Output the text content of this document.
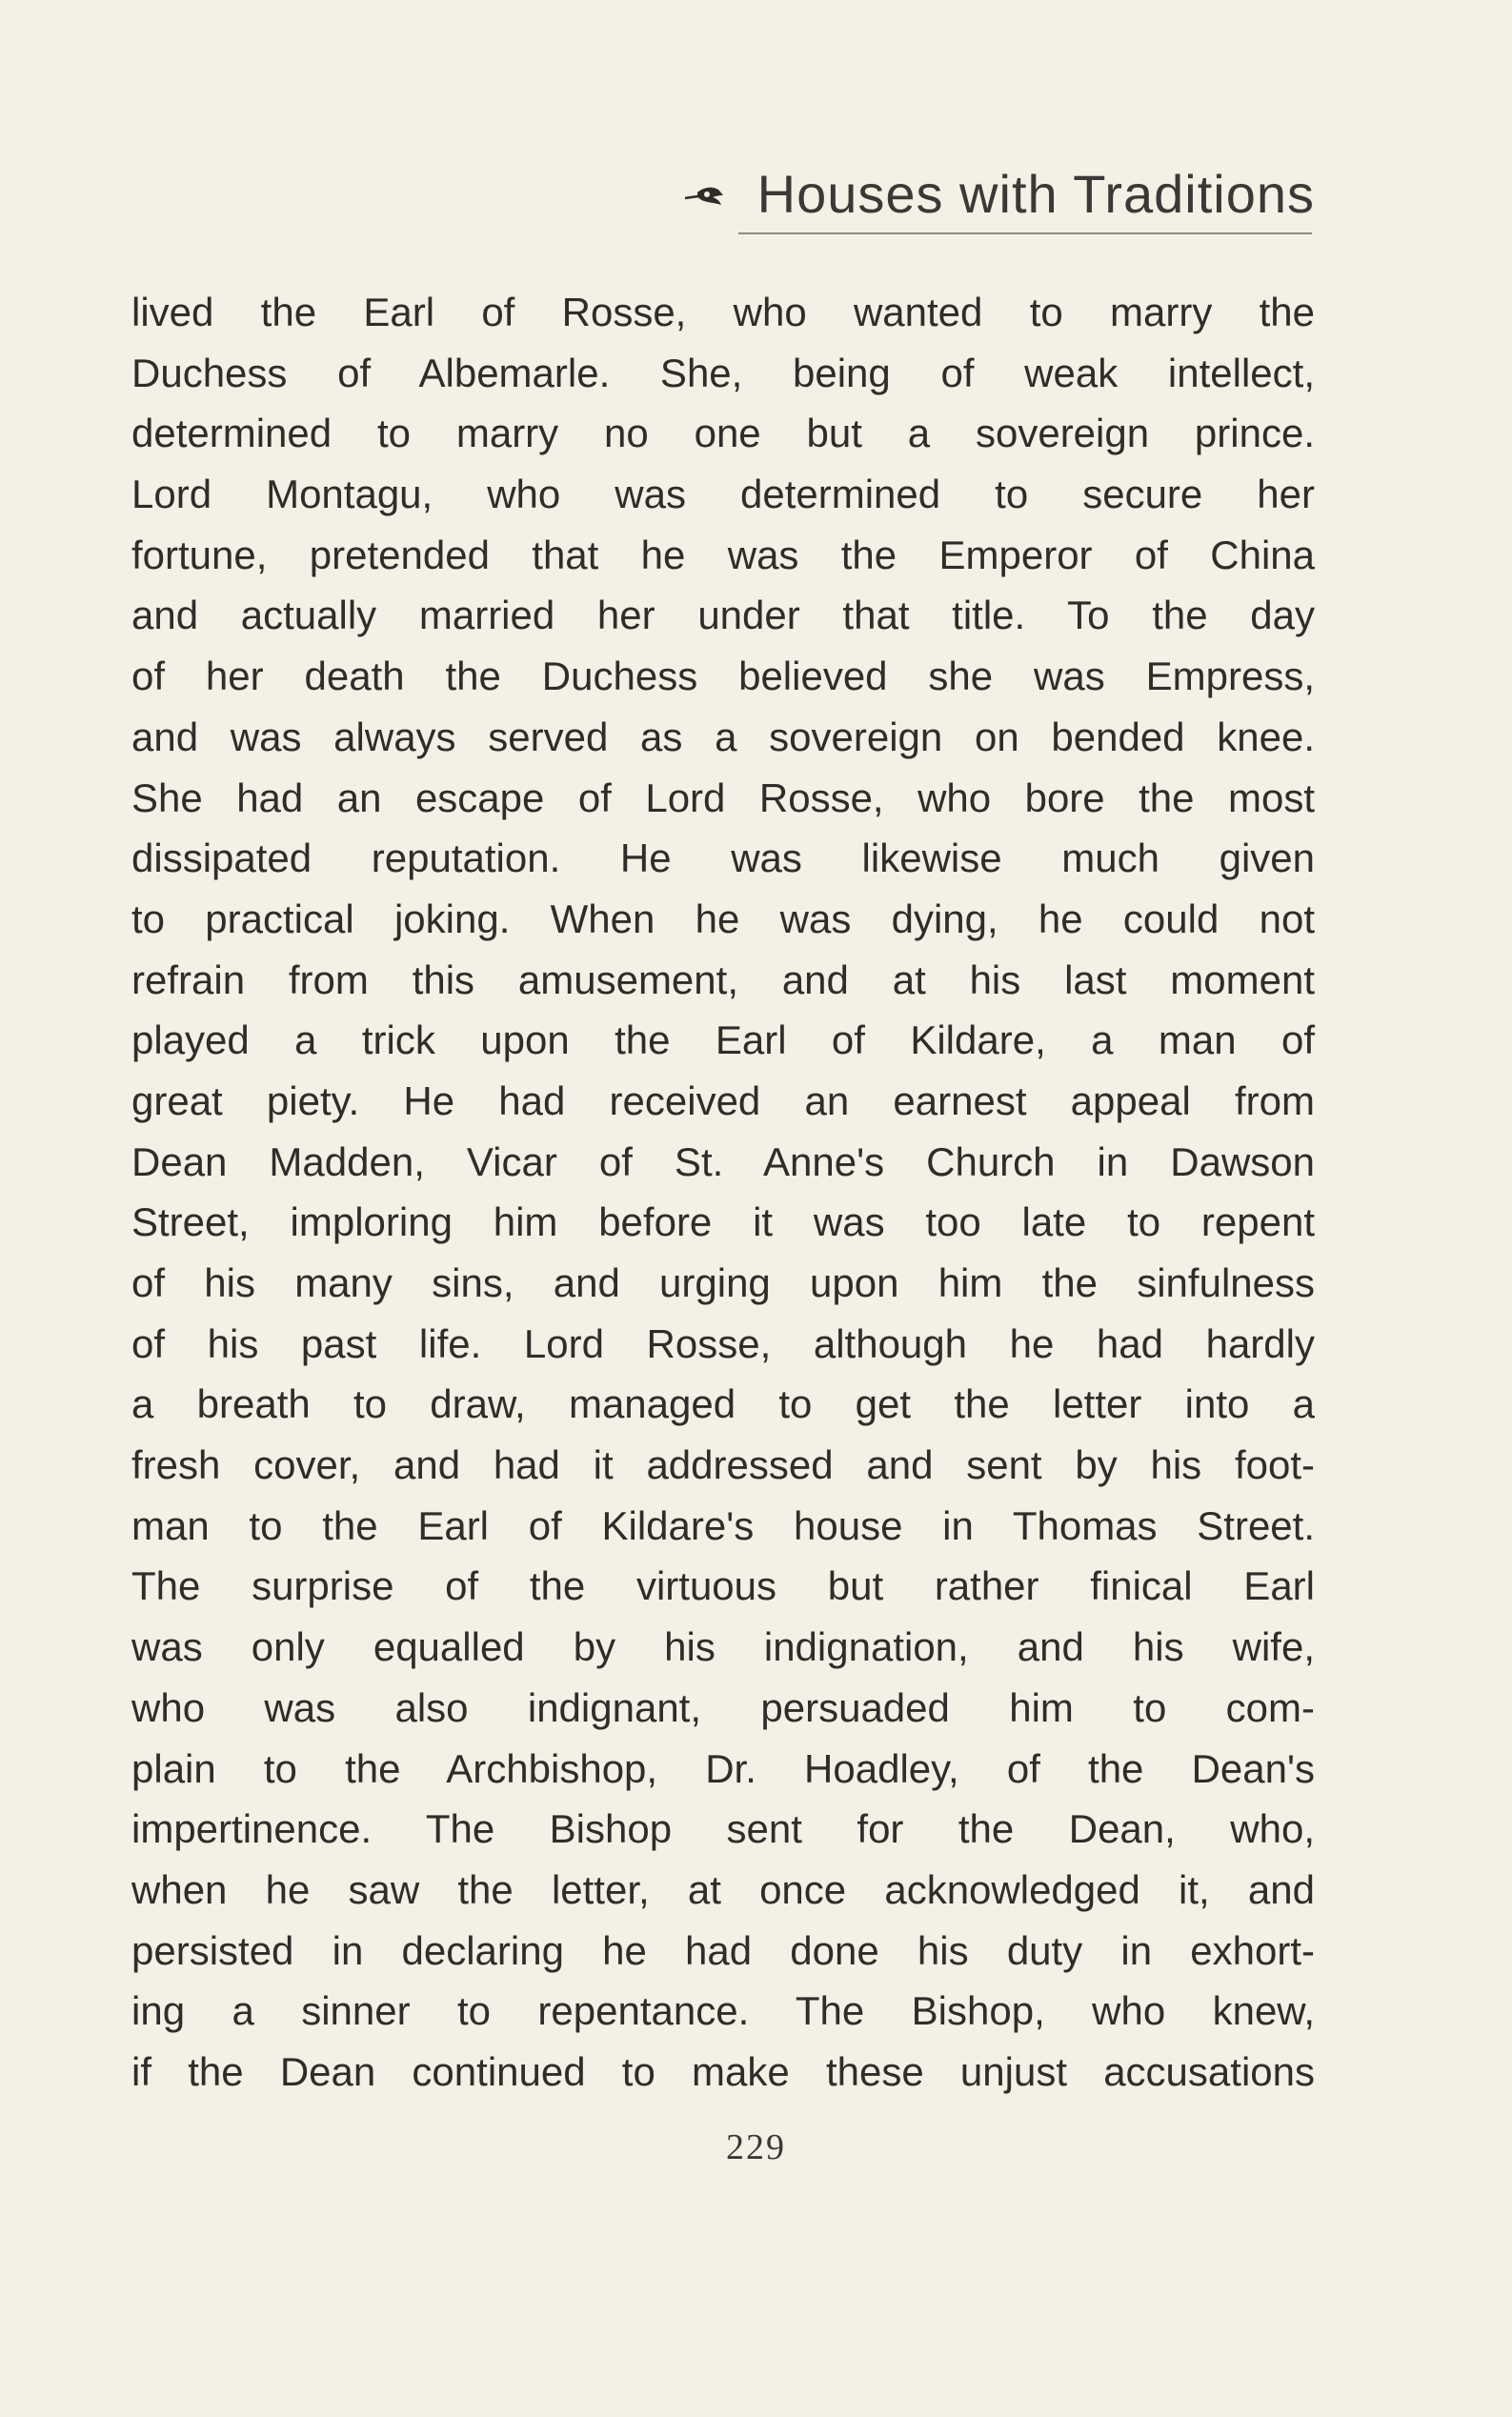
Houses with Traditions
lived the Earl of Rosse, who wanted to marry the
Duchess of Albemarle. She, being of weak intellect,
determined to marry no one but a sovereign prince.
Lord Montagu, who was determined to secure her
fortune, pretended that he was the Emperor of China
and actually married her under that title. To the day
of her death the Duchess believed she was Empress,
and was always served as a sovereign on bended knee.
She had an escape of Lord Rosse, who bore the most
dissipated reputation. He was likewise much given
to practical joking. When he was dying, he could not
refrain from this amusement, and at his last moment
played a trick upon the Earl of Kildare, a man of
great piety. He had received an earnest appeal from
Dean Madden, Vicar of St. Anne's Church in Dawson
Street, imploring him before it was too late to repent
of his many sins, and urging upon him the sinfulness
of his past life. Lord Rosse, although he had hardly
a breath to draw, managed to get the letter into a
fresh cover, and had it addressed and sent by his foot-
man to the Earl of Kildare's house in Thomas Street.
The surprise of the virtuous but rather finical Earl
was only equalled by his indignation, and his wife,
who was also indignant, persuaded him to com-
plain to the Archbishop, Dr. Hoadley, of the Dean's
impertinence. The Bishop sent for the Dean, who,
when he saw the letter, at once acknowledged it, and
persisted in declaring he had done his duty in exhort-
ing a sinner to repentance. The Bishop, who knew,
if the Dean continued to make these unjust accusations
229
